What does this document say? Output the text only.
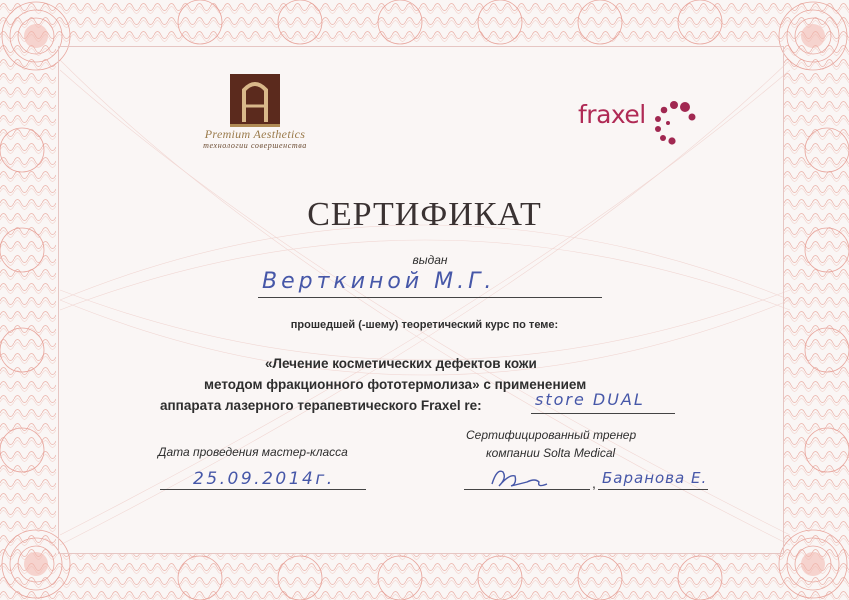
Premium Aesthetics
технологии совершенства
fraxel
СЕРТИФИКАТ
выдан
Верткиной М.Г.
прошедшей (-шему) теоретический курс по теме:
«Лечение косметических дефектов кожи
методом фракционного фототермолиза» с применением
аппарата лазерного терапевтического Fraxel re:	store DUAL
Дата проведения мастер-класса
25.09.2014г.
Сертифицированный тренер
компании Solta Medical
, Баранова Е.
